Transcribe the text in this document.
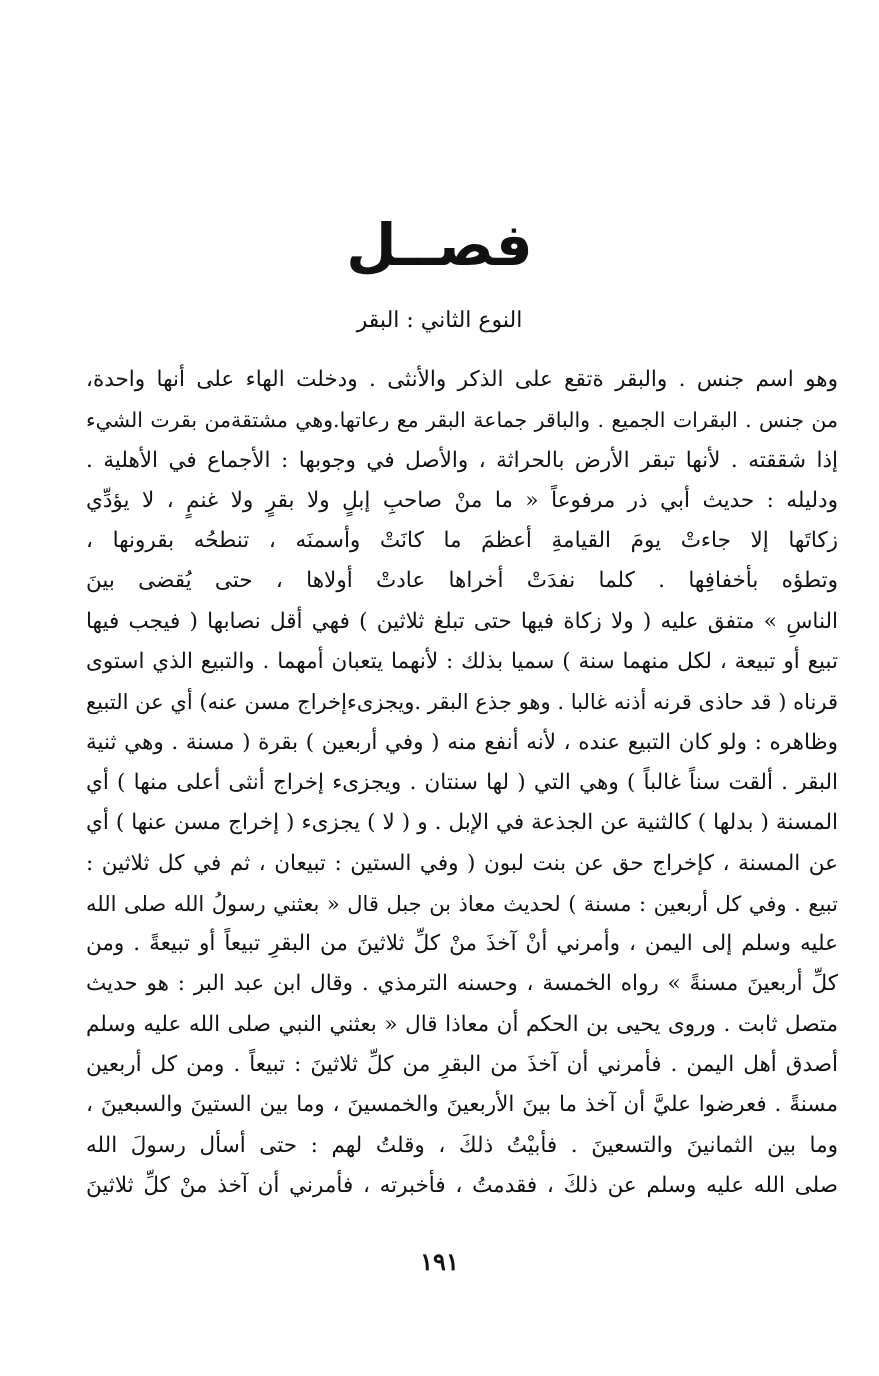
فصــل
النوع الثاني : البقر
وهو اسم جنس . والبقر ةتقع على الذكر والأنثى . ودخلت الهاء على أنها واحدة،
من جنس . البقرات الجميع . والباقر جماعة البقر مع رعاتها.وهي مشتقةمن بقرت الشيء
إذا شققته . لأنها تبقر الأرض بالحراثة ، والأصل في وجوبها : الأجماع في الأهلية .
ودليله : حديث أبي ذر مرفوعاً « ما منْ صاحبِ إبلٍ ولا بقرٍ ولا غنمٍ ، لا يؤدِّي
زكاتَها إلا جاءتْ يومَ القيامةِ أعظمَ ما كانَتْ وأسمنَه ، تنطحُه بقرونها ،
وتطؤه بأخفافِها . كلما نفدَتْ أخراها عادتْ أولاها ، حتى يُقضى بينَ
الناسِ » متفق عليه ( ولا زكاة فيها حتى تبلغ ثلاثين ) فهي أقل نصابها ( فيجب فيها
تبيع أو تبيعة ، لكل منهما سنة ) سميا بذلك : لأنهما يتعبان أمهما . والتبيع الذي استوى
قرناه ( قد حاذى قرنه أذنه غالبا . وهو جذع البقر .ويجزىءإخراج مسن عنه) أي عن التبيع
وظاهره : ولو كان التبيع عنده ، لأنه أنفع منه ( وفي أربعين ) بقرة ( مسنة . وهي ثنية
البقر . ألقت سناً غالباً ) وهي التي ( لها سنتان . ويجزىء إخراج أنثى أعلى منها ) أي
المسنة ( بدلها ) كالثنية عن الجذعة في الإبل . و ( لا ) يجزىء ( إخراج مسن عنها ) أي
عن المسنة ، كإخراج حق عن بنت لبون ( وفي الستين : تبيعان ، ثم في كل ثلاثين :
تبيع . وفي كل أربعين : مسنة ) لحديث معاذ بن جبل قال « بعثني رسولُ الله صلى الله
عليه وسلم إلى اليمن ، وأمرني أنْ آخذَ منْ كلِّ ثلاثينَ من البقرِ تبيعاً أو تبيعةً . ومن
كلِّ أربعينَ مسنةً » رواه الخمسة ، وحسنه الترمذي . وقال ابن عبد البر : هو حديث
متصل ثابت . وروى يحيى بن الحكم أن معاذا قال « بعثني النبي صلى الله عليه وسلم
أصدق أهل اليمن . فأمرني أن آخذَ من البقرِ من كلِّ ثلاثينَ : تبيعاً . ومن كل أربعين
مسنةً . فعرضوا عليَّ أن آخذ ما بينَ الأربعينَ والخمسينَ ، وما بين الستينَ والسبعينَ ،
وما بين الثمانينَ والتسعينَ . فأبيْتُ ذلكَ ، وقلتُ لهم : حتى أسأل رسولَ الله
صلى الله عليه وسلم عن ذلكَ ، فقدمتُ ، فأخبرته ، فأمرني أن آخذ منْ كلِّ ثلاثينَ
١٩١
